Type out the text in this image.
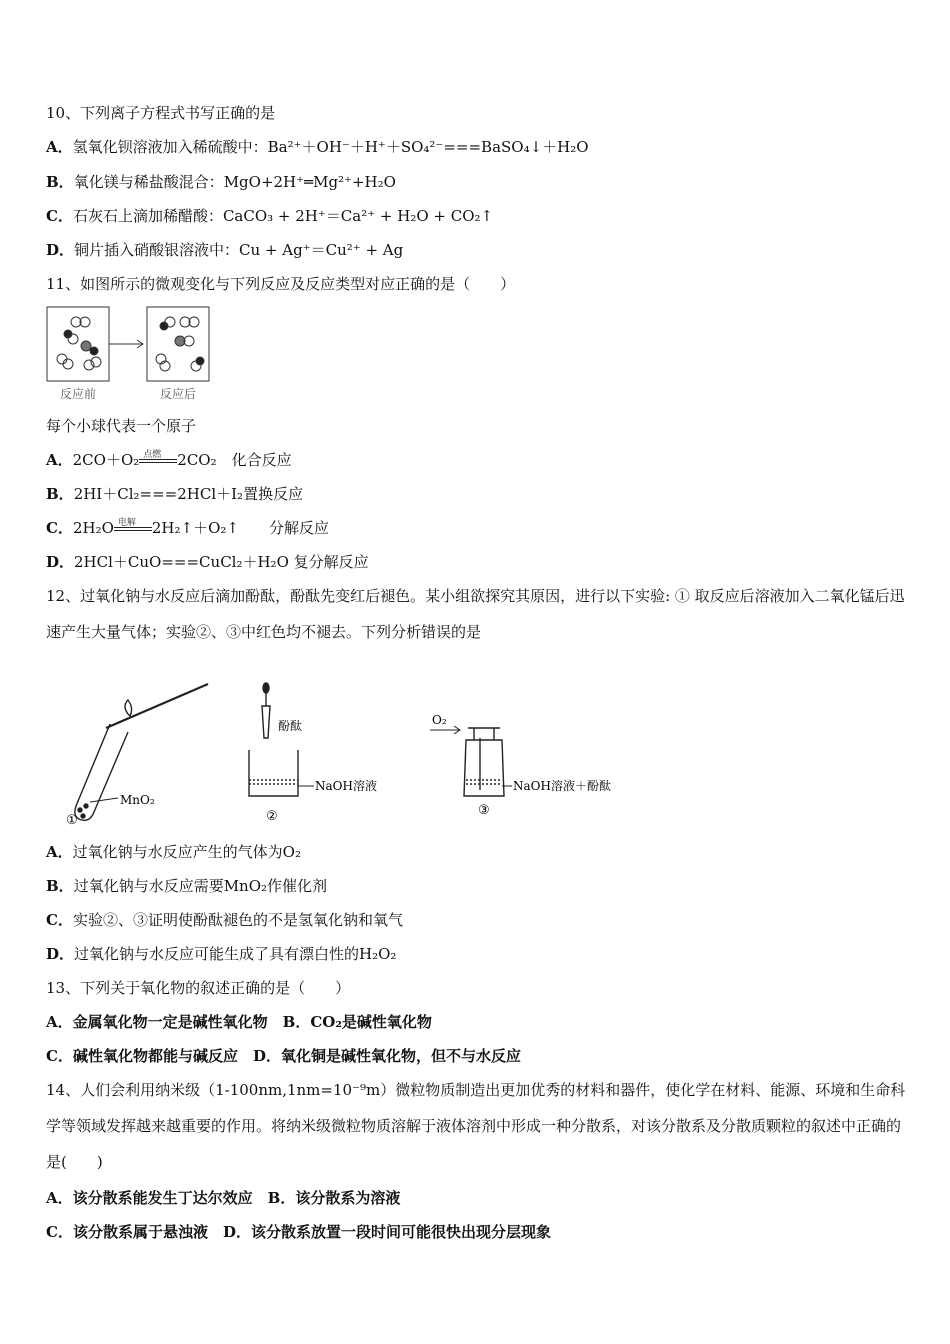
10、下列离子方程式书写正确的是
A．氢氧化钡溶液加入稀硫酸中：Ba²⁺＋OH⁻＋H⁺＋SO₄²⁻===BaSO₄↓＋H₂O
B．氧化镁与稀盐酸混合：MgO+2H⁺═Mg²⁺+H₂O
C．石灰石上滴加稀醋酸：CaCO₃ + 2H⁺＝Ca²⁺ + H₂O + CO₂↑
D．铜片插入硝酸银溶液中：Cu + Ag⁺＝Cu²⁺ + Ag
11、如图所示的微观变化与下列反应及反应类型对应正确的是（　　）
反应前	反应后
每个小球代表一个原子
A．2CO＋O₂ 点燃 2CO₂　化合反应
B．2HI＋Cl₂===2HCl＋I₂置换反应
C．2H₂O 电解 2H₂↑＋O₂↑　　分解反应
D．2HCl＋CuO===CuCl₂＋H₂O 复分解反应
12、过氧化钠与水反应后滴加酚酞，酚酞先变红后褪色。某小组欲探究其原因，进行以下实验: ① 取反应后溶液加入二氧化锰后迅速产生大量气体；实验②、③中红色均不褪去。下列分析错误的是
MnO₂
①
酚酞
NaOH溶液
②
O₂
NaOH溶液＋酚酞
③
A．过氧化钠与水反应产生的气体为O₂
B．过氧化钠与水反应需要MnO₂作催化剂
C．实验②、③证明使酚酞褪色的不是氢氧化钠和氧气
D．过氧化钠与水反应可能生成了具有漂白性的H₂O₂
13、下列关于氧化物的叙述正确的是（　　）
A．金属氧化物一定是碱性氧化物　B．CO₂是碱性氧化物
C．碱性氧化物都能与碱反应　D．氧化铜是碱性氧化物，但不与水反应
14、人们会利用纳米级（1-100nm,1nm=10⁻⁹m）微粒物质制造出更加优秀的材料和器件，使化学在材料、能源、环境和生命科学等领域发挥越来越重要的作用。将纳米级微粒物质溶解于液体溶剂中形成一种分散系，对该分散系及分散质颗粒的叙述中正确的是(　　)
A．该分散系能发生丁达尔效应　B．该分散系为溶液
C．该分散系属于悬浊液　D．该分散系放置一段时间可能很快出现分层现象
